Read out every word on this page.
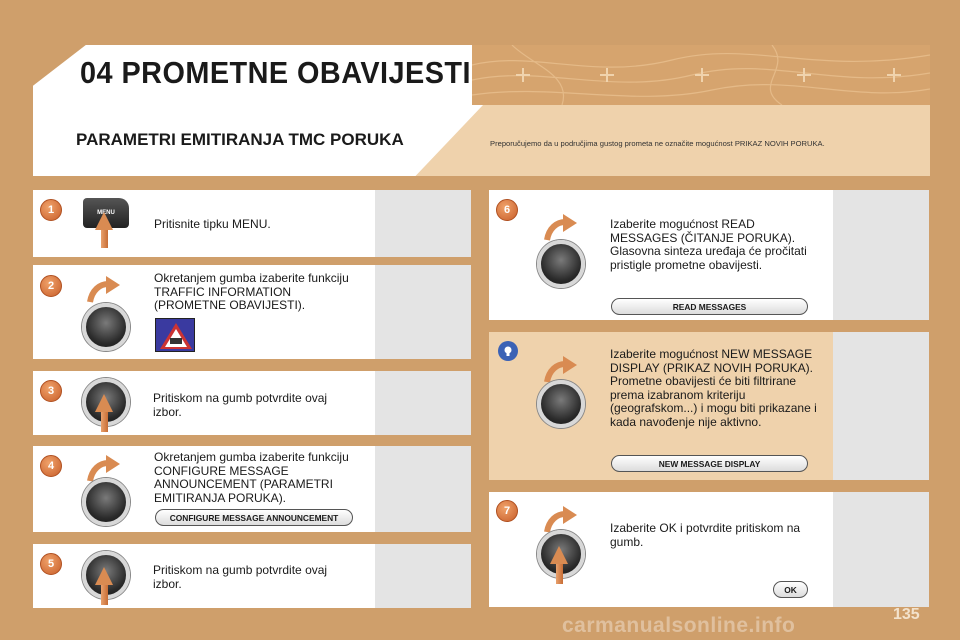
04 PROMETNE OBAVIJESTI
PARAMETRI EMITIRANJA TMC PORUKA	Preporučujemo da u područjima gustog prometa ne označite mogućnost PRIKAZ NOVIH PORUKA.
1	MENU
Pritisnite tipku MENU.
2
Okretanjem gumba izaberite funkciju TRAFFIC INFORMATION (PROMETNE OBAVIJESTI).
3	Pritiskom na gumb potvrdite ovaj izbor.
4
Okretanjem gumba izaberite funkciju CONFIGURE MESSAGE ANNOUNCEMENT (PARAMETRI EMITIRANJA PORUKA).
CONFIGURE MESSAGE ANNOUNCEMENT
5	Pritiskom na gumb potvrdite ovaj izbor.
6
Izaberite mogućnost READ MESSAGES (ČITANJE PORUKA). Glasovna sinteza uređaja će pročitati pristigle prometne obavijesti.
READ MESSAGES
Izaberite mogućnost NEW MESSAGE DISPLAY (PRIKAZ NOVIH PORUKA). Prometne obavijesti će biti filtrirane prema izabranom kriteriju (geografskom...) i mogu biti prikazane i kada navođenje nije aktivno.
NEW MESSAGE DISPLAY
7
Izaberite OK i potvrdite pritiskom na gumb.
OK
135
carmanualsonline.info
